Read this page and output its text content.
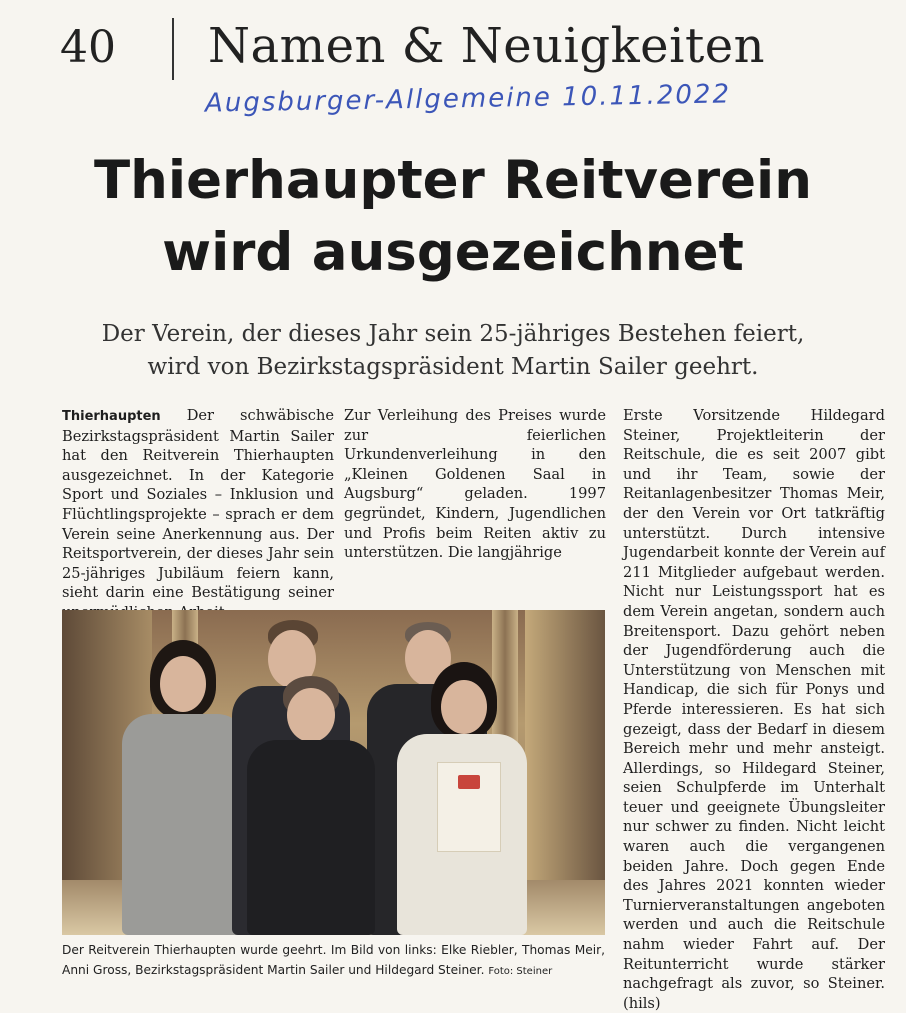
40 Namen & Neuigkeiten
Augsburger-Allgemeine 10.11.2022
Thierhaupter Reitverein
wird ausgezeichnet
Der Verein, der dieses Jahr sein 25-jähriges Bestehen feiert,
wird von Bezirkstagspräsident Martin Sailer geehrt.
Thierhaupten Der schwäbische Bezirkstagspräsident Martin Sailer hat den Reitverein Thierhaupten ausgezeichnet. In der Kategorie Sport und Soziales – Inklusion und Flüchtlingsprojekte – sprach er dem Verein seine Anerkennung aus. Der Reitsportverein, der dieses Jahr sein 25-jähriges Jubiläum feiern kann, sieht darin eine Bestätigung seiner
Zur Verleihung des Preises wurde zur feierlichen Urkundenverleihung in den „Kleinen Goldenen Saal in Augsburg“ geladen. 1997 gegründet, Kindern, Jugendlichen und Profis beim Reiten aktiv zu unterstützen. Die langjährige
Erste Vorsitzende Hildegard Steiner, Projektleiterin der Reitschule, die es seit 2007 gibt und ihr Team, sowie der Reitanlagenbesitzer Thomas Meir, der den Verein vor Ort tatkräftig unterstützt. Durch intensive Jugendarbeit konnte der Verein auf 211 Mitglieder aufgebaut werden. Nicht nur Leistungssport hat es dem Verein angetan, sondern auch Breitensport. Dazu gehört neben der Jugendförderung auch die Unterstützung von Menschen mit Handicap, die sich für Ponys und Pferde interessieren. Es hat sich gezeigt, dass der Bedarf in diesem Bereich mehr und mehr ansteigt. Allerdings, so Hildegard Steiner, seien Schulpferde im Unterhalt teuer und geeignete Übungsleiter nur schwer zu finden. Nicht leicht waren auch die vergangenen beiden Jahre. Doch gegen Ende des Jahres 2021 konnten wieder Turnierveranstaltungen angeboten werden und auch die Reitschule nahm wieder Fahrt auf. Der Reitunterricht wurde stärker nachgefragt als zuvor, so Steiner. (hils)
Der Reitverein Thierhaupten wurde geehrt. Im Bild von links: Elke Riebler, Thomas Meir, Anni Gross, Bezirkstagspräsident Martin Sailer und Hildegard Steiner. Foto: Steiner
